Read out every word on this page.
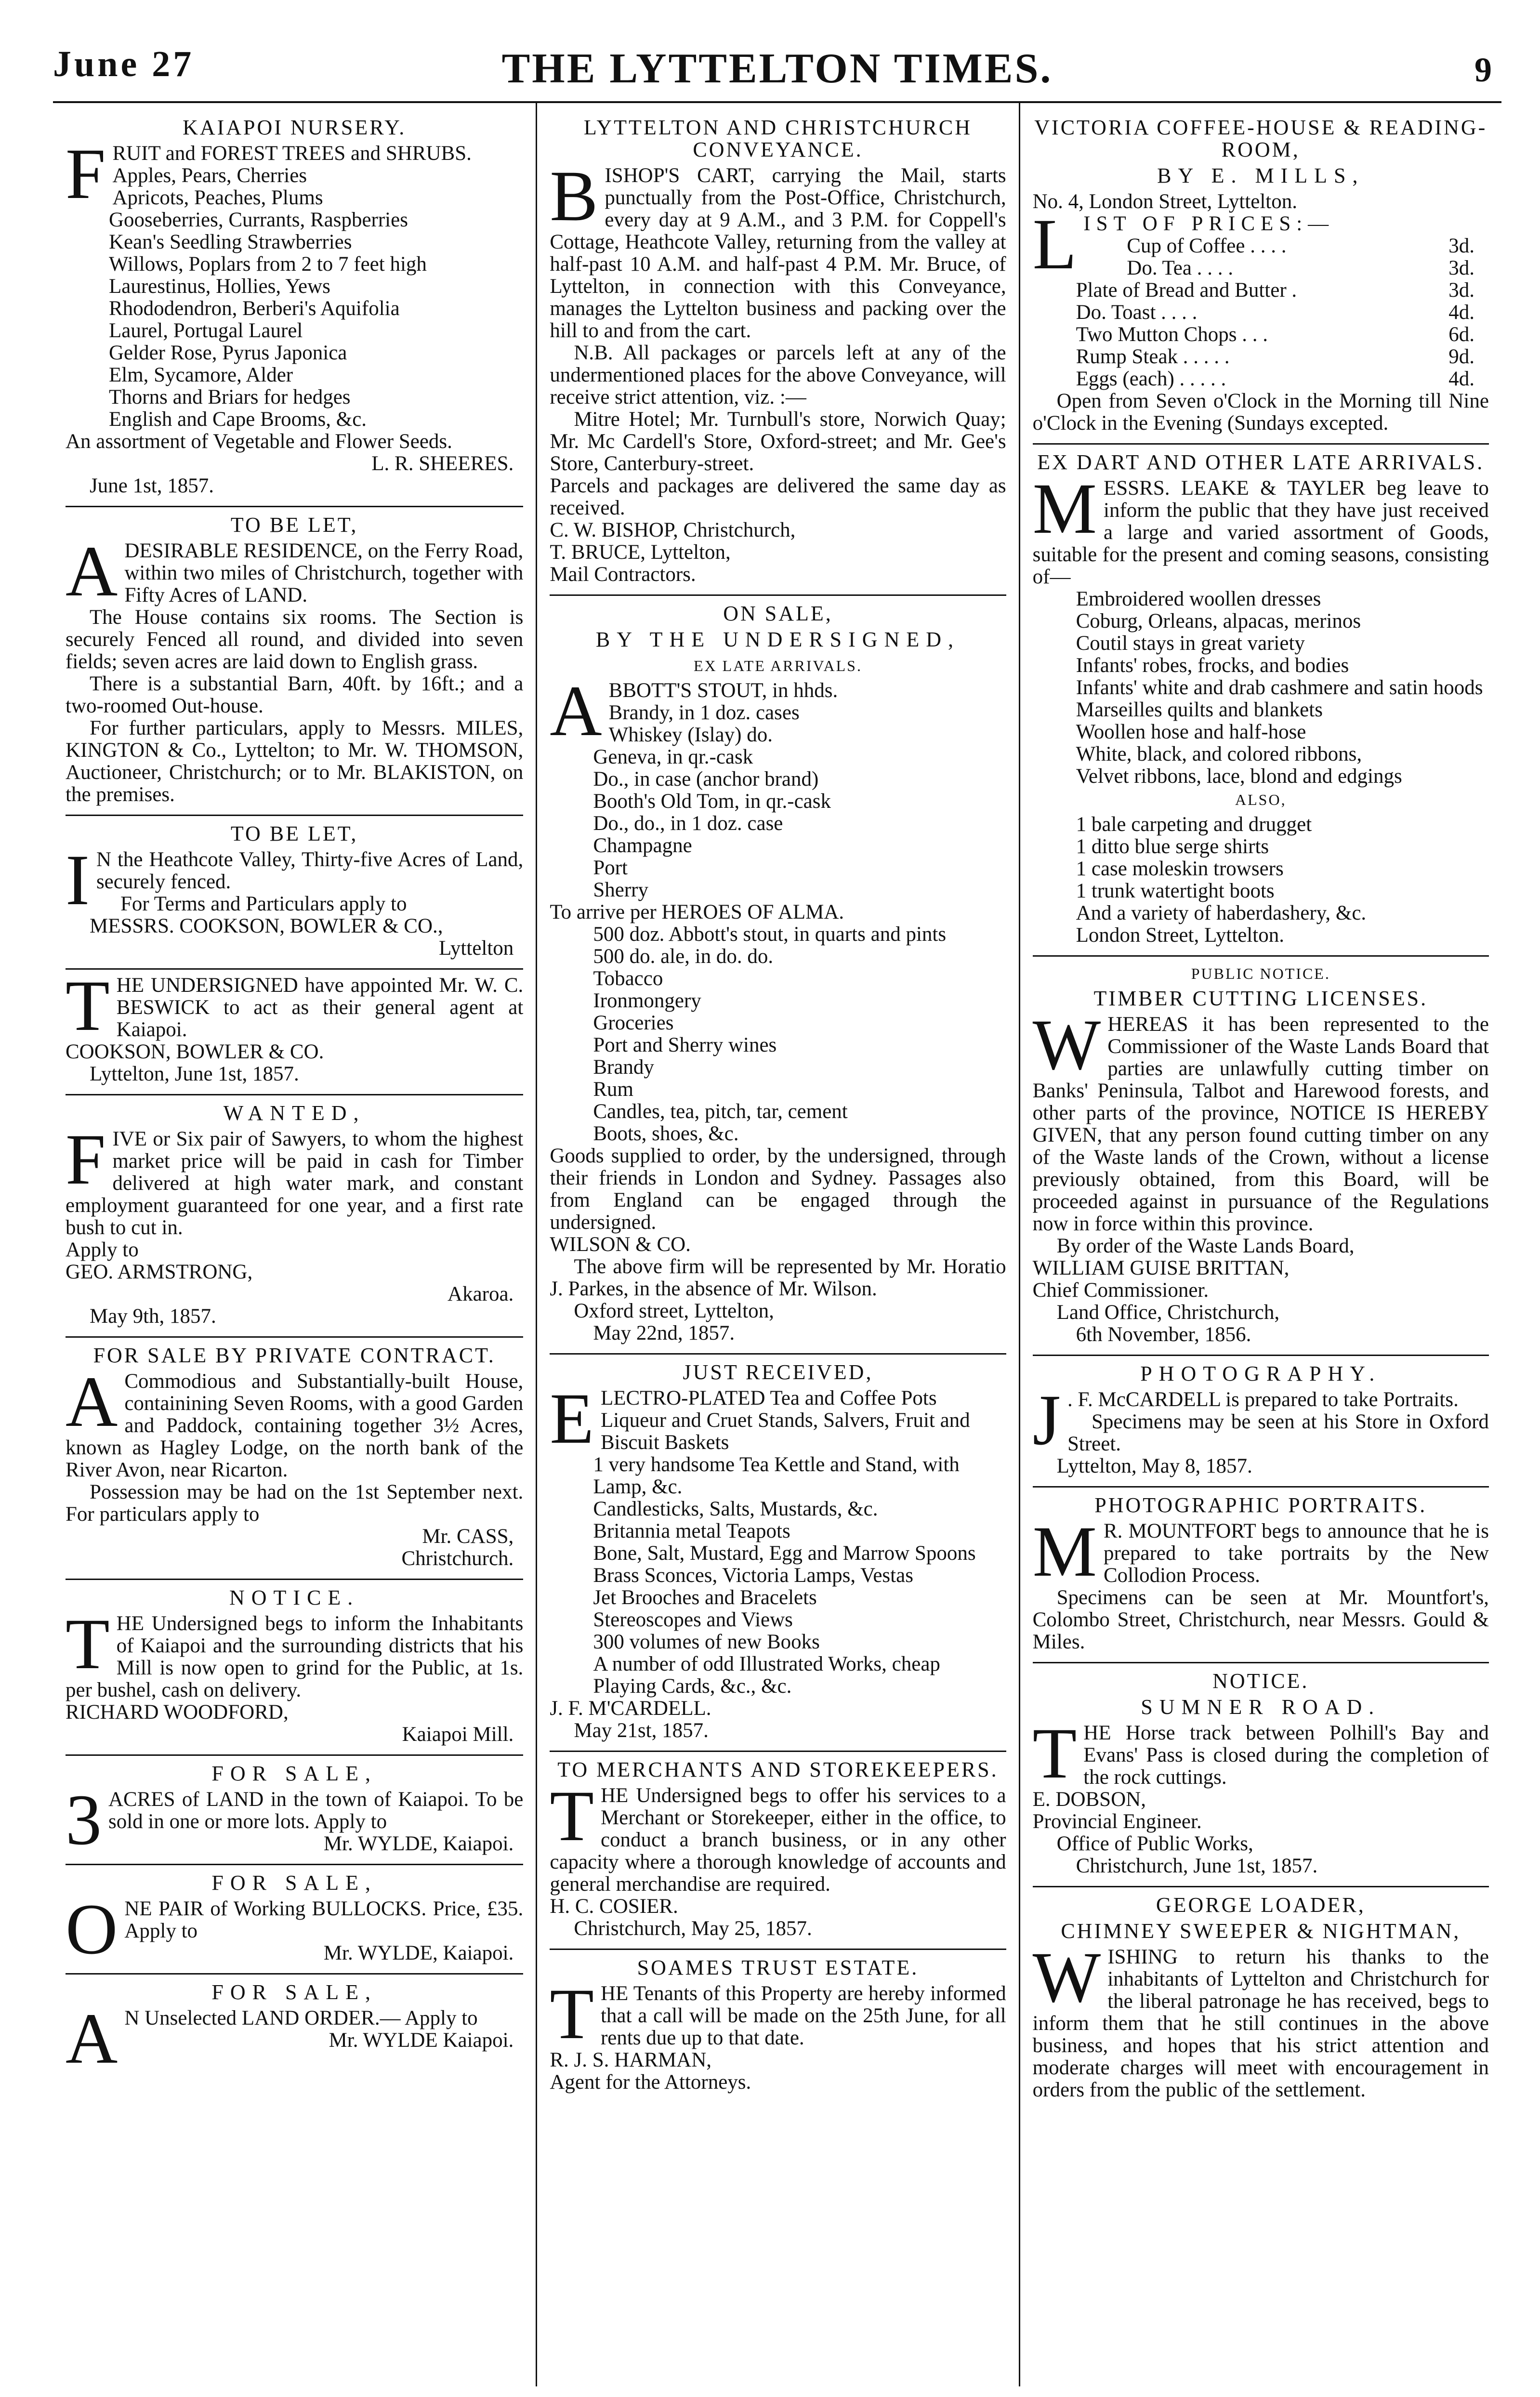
June 27	THE LYTTELTON TIMES.	9
KAIAPOI NURSERY.

FRUIT and FOREST TREES and SHRUBS.

Apples, Pears, Cherries
Apricots, Peaches, Plums
Gooseberries, Currants, Raspberries
Kean's Seedling Strawberries
Willows, Poplars from 2 to 7 feet high
Laurestinus, Hollies, Yews
Rhododendron, Berberi's Aquifolia
Laurel, Portugal Laurel
Gelder Rose, Pyrus Japonica
Elm, Sycamore, Alder
Thorns and Briars for hedges
English and Cape Brooms, &c.

An assortment of Vegetable and Flower Seeds.

L. R. SHEERES.

June 1st, 1857.

TO BE LET,

ADESIRABLE RESIDENCE, on the Ferry Road, within two miles of Christchurch, together with Fifty Acres of LAND.

The House contains six rooms. The Section is securely Fenced all round, and divided into seven fields; seven acres are laid down to English grass.

There is a substantial Barn, 40ft. by 16ft.; and a two-roomed Out-house.

For further particulars, apply to Messrs. MILES, KINGTON & Co., Lyttelton; to Mr. W. THOMSON, Auctioneer, Christchurch; or to Mr. BLAKISTON, on the premises.

TO BE LET,

I N the Heathcote Valley, Thirty-five Acres of Land, securely fenced.

For Terms and Particulars apply to

MESSRS. COOKSON, BOWLER & CO.,

Lyttelton

THE UNDERSIGNED have appointed Mr. W. C. BESWICK to act as their general agent at Kaiapoi.

COOKSON, BOWLER & CO.

Lyttelton, June 1st, 1857.

WANTED,

FIVE or Six pair of Sawyers, to whom the highest market price will be paid in cash for Timber delivered at high water mark, and constant employment guaranteed for one year, and a first rate bush to cut in.

Apply to

GEO. ARMSTRONG,

Akaroa.

May 9th, 1857.

FOR SALE BY PRIVATE CONTRACT.

A Commodious and Substantially-built House, containining Seven Rooms, with a good Garden and Paddock, containing together 3½ Acres, known as Hagley Lodge, on the north bank of the River Avon, near Ricarton.

Possession may be had on the 1st September next. For particulars apply to

Mr. CASS,

Christchurch.

NOTICE.

THE Undersigned begs to inform the Inhabitants of Kaiapoi and the surrounding districts that his Mill is now open to grind for the Public, at 1s. per bushel, cash on delivery.

RICHARD WOODFORD,

Kaiapoi Mill.

FOR SALE,

3 ACRES of LAND in the town of Kaiapoi. To be sold in one or more lots. Apply to

Mr. WYLDE, Kaiapoi.

FOR SALE,

ONE PAIR of Working BULLOCKS. Price, £35. Apply to

Mr. WYLDE, Kaiapoi.

FOR SALE,

A N Unselected LAND ORDER.— Apply to

Mr. WYLDE Kaiapoi.

LYTTELTON AND CHRISTCHURCH CONVEYANCE.

BISHOP'S CART, carrying the Mail, starts punctually from the Post-Office, Christchurch, every day at 9 A.M., and 3 P.M. for Coppell's Cottage, Heathcote Valley, returning from the valley at half-past 10 A.M. and half-past 4 P.M. Mr. Bruce, of Lyttelton, in connection with this Conveyance, manages the Lyttelton business and packing over the hill to and from the cart.

N.B. All packages or parcels left at any of the undermentioned places for the above Conveyance, will receive strict attention, viz. :—

Mitre Hotel; Mr. Turnbull's store, Norwich Quay; Mr. Mc Cardell's Store, Oxford-street; and Mr. Gee's Store, Canterbury-street.

Parcels and packages are delivered the same day as received.

C. W. BISHOP, Christchurch,

T. BRUCE, Lyttelton,

Mail Contractors.

ON SALE,
BY THE UNDERSIGNED,
EX LATE ARRIVALS.

ABBOTT'S STOUT, in hhds.

Brandy, in 1 doz. cases
Whiskey (Islay) do.
Geneva, in qr.-cask
Do., in case (anchor brand)
Booth's Old Tom, in qr.-cask
Do., do., in 1 doz. case
Champagne
Port
Sherry

To arrive per HEROES OF ALMA.

500 doz. Abbott's stout, in quarts and pints
500 do. ale, in do. do.
Tobacco
Ironmongery
Groceries
Port and Sherry wines
Brandy
Rum
Candles, tea, pitch, tar, cement
Boots, shoes, &c.

Goods supplied to order, by the undersigned, through their friends in London and Sydney. Passages also from England can be engaged through the undersigned.

WILSON & CO.

The above firm will be represented by Mr. Horatio J. Parkes, in the absence of Mr. Wilson.

Oxford street, Lyttelton,

May 22nd, 1857.

JUST RECEIVED,

ELECTRO-PLATED Tea and Coffee Pots

Liqueur and Cruet Stands, Salvers, Fruit and Biscuit Baskets
1 very handsome Tea Kettle and Stand, with Lamp, &c.
Candlesticks, Salts, Mustards, &c.
Britannia metal Teapots
Bone, Salt, Mustard, Egg and Marrow Spoons
Brass Sconces, Victoria Lamps, Vestas
Jet Brooches and Bracelets
Stereoscopes and Views
300 volumes of new Books
A number of odd Illustrated Works, cheap
Playing Cards, &c., &c.

J. F. M'CARDELL.

May 21st, 1857.

TO MERCHANTS AND STOREKEEPERS.

THE Undersigned begs to offer his services to a Merchant or Storekeeper, either in the office, to conduct a branch business, or in any other capacity where a thorough knowledge of accounts and general merchandise are required.

H. C. COSIER.

Christchurch, May 25, 1857.

SOAMES TRUST ESTATE.

THE Tenants of this Property are hereby informed that a call will be made on the 25th June, for all rents due up to that date.

R. J. S. HARMAN,

Agent for the Attorneys.

VICTORIA COFFEE-HOUSE & READING-ROOM,
BY E. MILLS,

No. 4, London Street, Lyttelton.

LIST OF PRICES:—

Cup of Coffee . . . .	3d.
Do. Tea . . . .	3d.
Plate of Bread and Butter .	3d.
Do. Toast . . . .	4d.
Two Mutton Chops . . .	6d.
Rump Steak . . . . .	9d.
Eggs (each) . . . . .	4d.

Open from Seven o'Clock in the Morning till Nine o'Clock in the Evening (Sundays excepted.

EX DART AND OTHER LATE ARRIVALS.

MESSRS. LEAKE & TAYLER beg leave to inform the public that they have just received a large and varied assortment of Goods, suitable for the present and coming seasons, consisting of—

Embroidered woollen dresses
Coburg, Orleans, alpacas, merinos
Coutil stays in great variety
Infants' robes, frocks, and bodies
Infants' white and drab cashmere and satin hoods
Marseilles quilts and blankets
Woollen hose and half-hose
White, black, and colored ribbons,
Velvet ribbons, lace, blond and edgings
ALSO,
1 bale carpeting and drugget
1 ditto blue serge shirts
1 case moleskin trowsers
1 trunk watertight boots
And a variety of haberdashery, &c.

London Street, Lyttelton.

PUBLIC NOTICE.
TIMBER CUTTING LICENSES.

WHEREAS it has been represented to the Commissioner of the Waste Lands Board that parties are unlawfully cutting timber on Banks' Peninsula, Talbot and Harewood forests, and other parts of the province, NOTICE IS HEREBY GIVEN, that any person found cutting timber on any of the Waste lands of the Crown, without a license previously obtained, from this Board, will be proceeded against in pursuance of the Regulations now in force within this province.

By order of the Waste Lands Board,

WILLIAM GUISE BRITTAN,

Chief Commissioner.

Land Office, Christchurch,

6th November, 1856.

PHOTOGRAPHY.

J . F. McCARDELL is prepared to take Portraits.

Specimens may be seen at his Store in Oxford Street.

Lyttelton, May 8, 1857.

PHOTOGRAPHIC PORTRAITS.

M R. MOUNTFORT begs to announce that he is prepared to take portraits by the New Collodion Process.

Specimens can be seen at Mr. Mountfort's, Colombo Street, Christchurch, near Messrs. Gould & Miles.

NOTICE.
SUMNER ROAD.

THE Horse track between Polhill's Bay and Evans' Pass is closed during the completion of the rock cuttings.

E. DOBSON,

Provincial Engineer.

Office of Public Works,

Christchurch, June 1st, 1857.

GEORGE LOADER,
CHIMNEY SWEEPER & NIGHTMAN,

WISHING to return his thanks to the inhabitants of Lyttelton and Christchurch for the liberal patronage he has received, begs to inform them that he still continues in the above business, and hopes that his strict attention and moderate charges will meet with encouragement in orders from the public of the settlement.
